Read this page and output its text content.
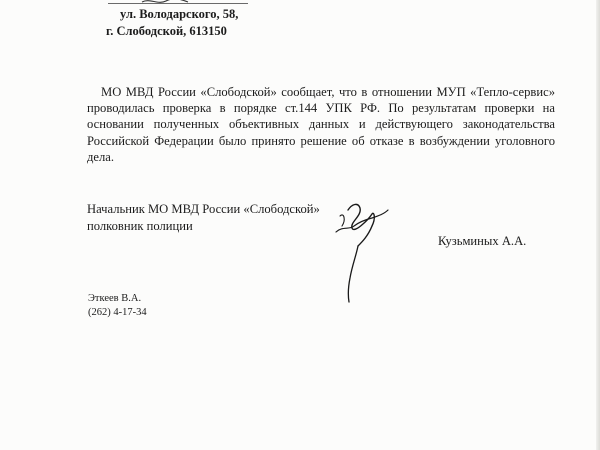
ул. Володарского, 58,
г. Слободской, 613150

МО МВД России «Слободской» сообщает, что в отношении МУП «Тепло-сервис» проводилась проверка в порядке ст.144 УПК РФ. По результатам проверки на основании полученных объективных данных и действующего законодательства Российской Федерации было принято решение об отказе в возбуждении уголовного дела.

Начальник МО МВД России «Слободской»
полковник полиции
Кузьминых А.А.
Эткеев В.А.
(262) 4-17-34
